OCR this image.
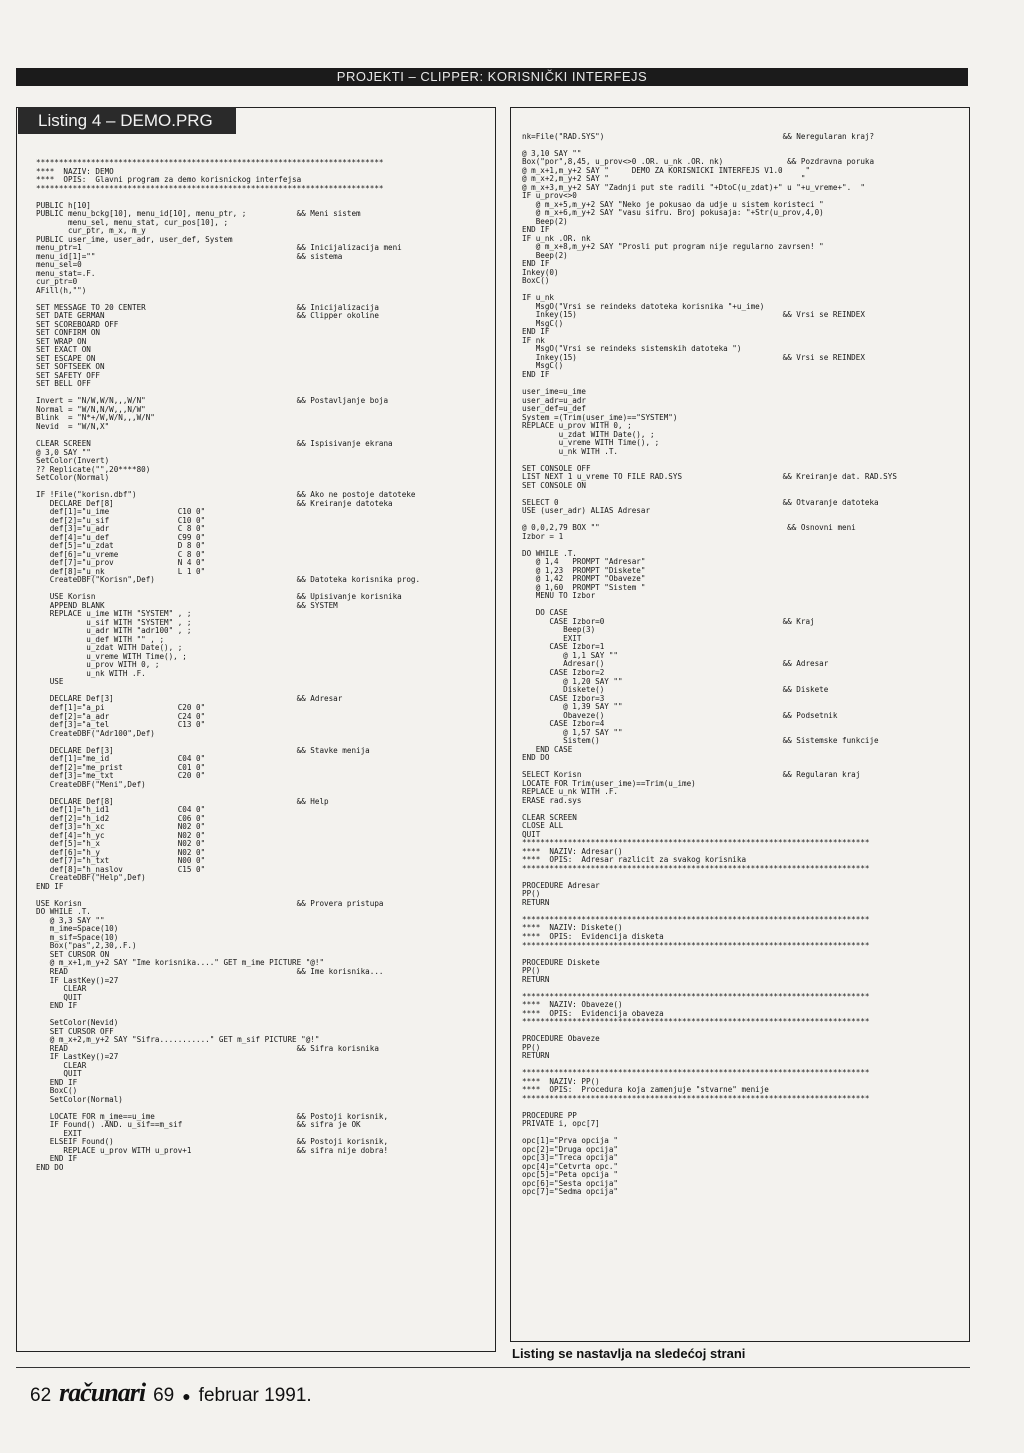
PROJEKTI – CLIPPER: KORISNIČKI INTERFEJS
Listing 4 – DEMO.PRG
****************************************************************************
****  NAZIV: DEMO
****  OPIS:  Glavni program za demo korisnickog interfejsa
****************************************************************************

PUBLIC h[10]
PUBLIC menu_bckg[10], menu_id[10], menu_ptr, ;           && Meni sistem
menu_sel, menu_stat, cur_pos[10], ;
cur_ptr, m_x, m_y
PUBLIC user_ime, user_adr, user_def, System
menu_ptr=1                                               && Inicijalizacija meni
menu_id[1]=""                                            && sistema
menu_sel=0
menu_stat=.F.
cur_ptr=0
AFill(h,"")

SET MESSAGE TO 20 CENTER                                 && Inicijalizacija
SET DATE GERMAN                                          && Clipper okoline
SET SCOREBOARD OFF
SET CONFIRM ON
SET WRAP ON
SET EXACT ON
SET ESCAPE ON
SET SOFTSEEK ON
SET SAFETY OFF
SET BELL OFF

Invert = "N/W,W/N,,,W/N"                                 && Postavljanje boja
Normal = "W/N,N/W,,,N/W"
Blink  = "N*+/W,W/N,,,W/N"
Nevid  = "W/N,X"

CLEAR SCREEN                                             && Ispisivanje ekrana
@ 3,0 SAY ""
SetColor(Invert)
?? Replicate("",20****80)
SetColor(Normal)

IF !File("korisn.dbf")                                   && Ako ne postoje datoteke
DECLARE Def[8]                                        && Kreiranje datoteka
def[1]="u_ime               C10 0"
def[2]="u_sif               C10 0"
def[3]="u_adr               C 8 0"
def[4]="u_def               C99 0"
def[5]="u_zdat              D 8 0"
def[6]="u_vreme             C 8 0"
def[7]="u_prov              N 4 0"
def[8]="u_nk                L 1 0"
CreateDBF("Korisn",Def)                               && Datoteka korisnika prog.

USE Korisn                                            && Upisivanje korisnika
APPEND BLANK                                          && SYSTEM
REPLACE u_ime WITH "SYSTEM" , ;
u_sif WITH "SYSTEM" , ;
u_adr WITH "adr100" , ;
u_def WITH "" , ;
u_zdat WITH Date(), ;
u_vreme WITH Time(), ;
u_prov WITH 0, ;
u_nk WITH .F.
USE

DECLARE Def[3]                                        && Adresar
def[1]="a_pi                C20 0"
def[2]="a_adr               C24 0"
def[3]="a_tel               C13 0"
CreateDBF("Adr100",Def)

DECLARE Def[3]                                        && Stavke menija
def[1]="me_id               C04 0"
def[2]="me_prist            C01 0"
def[3]="me_txt              C20 0"
CreateDBF("Meni",Def)

DECLARE Def[8]                                        && Help
def[1]="h_id1               C04 0"
def[2]="h_id2               C06 0"
def[3]="h_xc                N02 0"
def[4]="h_yc                N02 0"
def[5]="h_x                 N02 0"
def[6]="h_y                 N02 0"
def[7]="h_txt               N00 0"
def[8]="h_naslov            C15 0"
CreateDBF("Help",Def)
END IF

USE Korisn                                               && Provera pristupa
DO WHILE .T.
@ 3,3 SAY ""
m_ime=Space(10)
m_sif=Space(10)
Box("pas",2,30,.F.)
SET CURSOR ON
@ m_x+1,m_y+2 SAY "Ime korisnika...." GET m_ime PICTURE "@!"
READ                                                  && Ime korisnika...
IF LastKey()=27
CLEAR
QUIT
END IF

SetColor(Nevid)
SET CURSOR OFF
@ m_x+2,m_y+2 SAY "Sifra..........." GET m_sif PICTURE "@!"
READ                                                  && Sifra korisnika
IF LastKey()=27
CLEAR
QUIT
END IF
BoxC()
SetColor(Normal)

LOCATE FOR m_ime==u_ime                               && Postoji korisnik,
IF Found() .AND. u_sif==m_sif                         && sifra je OK
EXIT
ELSEIF Found()                                        && Postoji korisnik,
REPLACE u_prov WITH u_prov+1                       && sifra nije dobra!
END IF
END DO

nk=File("RAD.SYS")                                       && Neregularan kraj?

@ 3,10 SAY ""
Box("por",8,45, u_prov<>0 .OR. u_nk .OR. nk)              && Pozdravna poruka
@ m_x+1,m_y+2 SAY "     DEMO ZA KORISNICKI INTERFEJS V1.0     "
@ m_x+2,m_y+2 SAY "                                          "
@ m_x+3,m_y+2 SAY "Zadnji put ste radili "+DtoC(u_zdat)+" u "+u_vreme+".  "
IF u_prov<>0
@ m_x+5,m_y+2 SAY "Neko je pokusao da udje u sistem koristeci "
@ m_x+6,m_y+2 SAY "vasu sifru. Broj pokusaja: "+Str(u_prov,4,0)
Beep(2)
END IF
IF u_nk .OR. nk
@ m_x+8,m_y+2 SAY "Prosli put program nije regularno zavrsen! "
Beep(2)
END IF
Inkey(0)
BoxC()

IF u_nk
MsgO("Vrsi se reindeks datoteka korisnika "+u_ime)
Inkey(15)                                             && Vrsi se REINDEX
MsgC()
END IF
IF nk
MsgO("Vrsi se reindeks sistemskih datoteka ")
Inkey(15)                                             && Vrsi se REINDEX
MsgC()
END IF

user_ime=u_ime
user_adr=u_adr
user_def=u_def
System =(Trim(user_ime)=="SYSTEM")
REPLACE u_prov WITH 0, ;
u_zdat WITH Date(), ;
u_vreme WITH Time(), ;
u_nk WITH .T.

SET CONSOLE OFF
LIST NEXT 1 u_vreme TO FILE RAD.SYS                      && Kreiranje dat. RAD.SYS
SET CONSOLE ON

SELECT 0                                                 && Otvaranje datoteka
USE (user_adr) ALIAS Adresar

@ 0,0,2,79 BOX ""                                         && Osnovni meni
Izbor = 1

DO WHILE .T.
@ 1,4   PROMPT "Adresar"
@ 1,23  PROMPT "Diskete"
@ 1,42  PROMPT "Obaveze"
@ 1,60  PROMPT "Sistem "
MENU TO Izbor

DO CASE
CASE Izbor=0                                       && Kraj
Beep(3)
EXIT
CASE Izbor=1
@ 1,1 SAY ""
Adresar()                                       && Adresar
CASE Izbor=2
@ 1,20 SAY ""
Diskete()                                       && Diskete
CASE Izbor=3
@ 1,39 SAY ""
Obaveze()                                       && Podsetnik
CASE Izbor=4
@ 1,57 SAY ""
Sistem()                                        && Sistemske funkcije
END CASE
END DO

SELECT Korisn                                            && Regularan kraj
LOCATE FOR Trim(user_ime)==Trim(u_ime)
REPLACE u_nk WITH .F.
ERASE rad.sys

CLEAR SCREEN
CLOSE ALL
QUIT
****************************************************************************
****  NAZIV: Adresar()
****  OPIS:  Adresar razlicit za svakog korisnika
****************************************************************************

PROCEDURE Adresar
PP()
RETURN

****************************************************************************
****  NAZIV: Diskete()
****  OPIS:  Evidencija disketa
****************************************************************************

PROCEDURE Diskete
PP()
RETURN

****************************************************************************
****  NAZIV: Obaveze()
****  OPIS:  Evidencija obaveza
****************************************************************************

PROCEDURE Obaveze
PP()
RETURN

****************************************************************************
****  NAZIV: PP()
****  OPIS:  Procedura koja zamenjuje "stvarne" menije
****************************************************************************

PROCEDURE PP
PRIVATE i, opc[7]

opc[1]="Prva opcija "
opc[2]="Druga opcija"
opc[3]="Treca opcija"
opc[4]="Cetvrta opc."
opc[5]="Peta opcija "
opc[6]="Sesta opcija"
opc[7]="Sedma opcija"
Listing se nastavlja na sledećoj strani
62 računari 69 ● februar 1991.
